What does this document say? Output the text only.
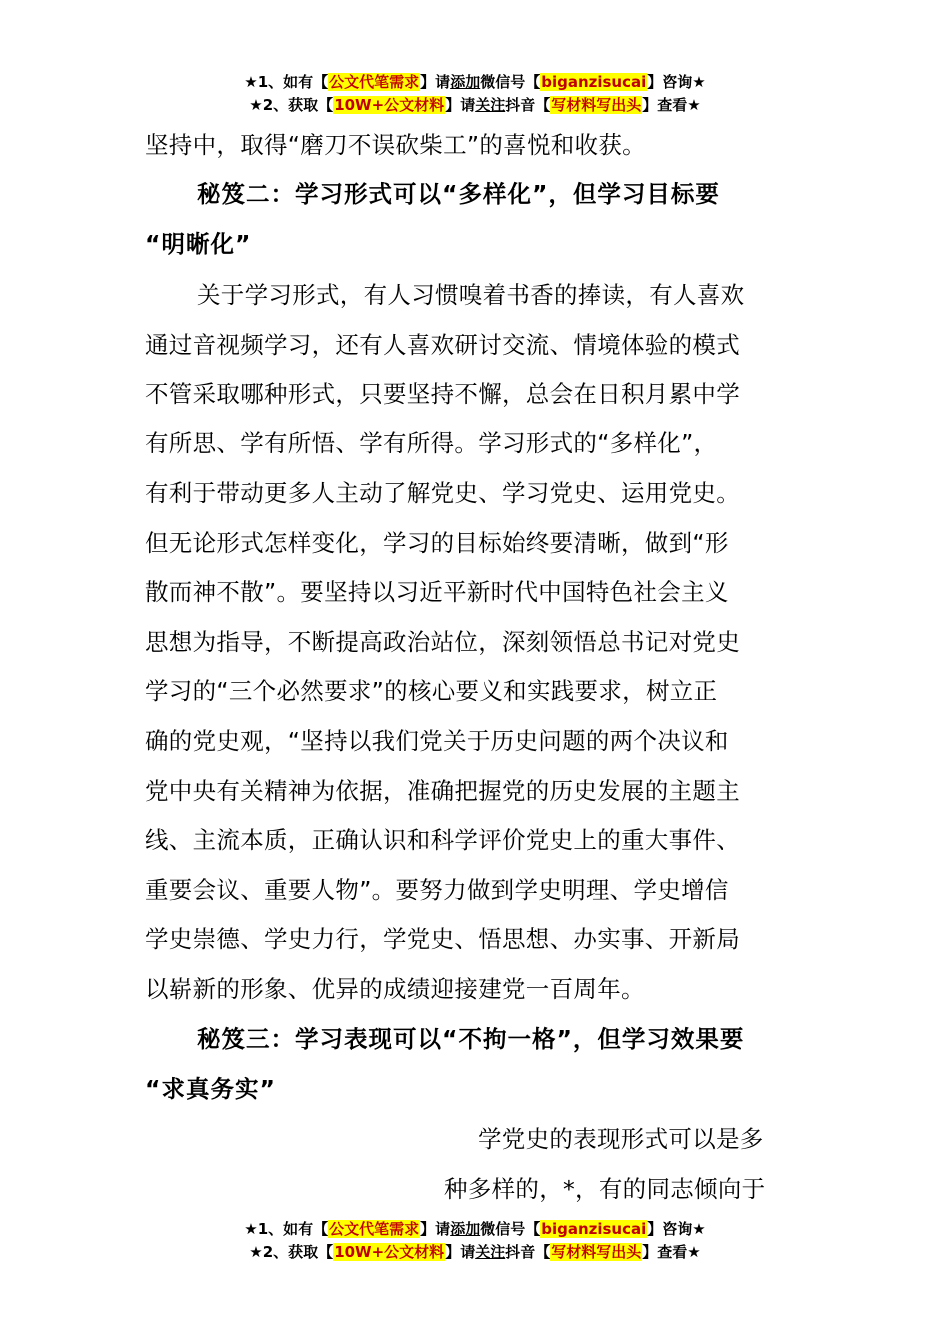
★1、如有【公文代笔需求】请添加微信号【biganzisucai】咨询★
★2、获取【10W+公文材料】请关注抖音【写材料写出头】查看★
坚持中，取得“磨刀不误砍柴工”的喜悦和收获。
秘笈二：学习形式可以“多样化”，但学习目标要
“明晰化”
关于学习形式，有人习惯嗅着书香的捧读，有人喜欢
通过音视频学习，还有人喜欢研讨交流、情境体验的模式
不管采取哪种形式，只要坚持不懈，总会在日积月累中学
有所思、学有所悟、学有所得。学习形式的“多样化”，
有利于带动更多人主动了解党史、学习党史、运用党史。
但无论形式怎样变化，学习的目标始终要清晰，做到“形
散而神不散”。要坚持以习近平新时代中国特色社会主义
思想为指导，不断提高政治站位，深刻领悟总书记对党史
学习的“三个必然要求”的核心要义和实践要求，树立正
确的党史观，“坚持以我们党关于历史问题的两个决议和
党中央有关精神为依据，准确把握党的历史发展的主题主
线、主流本质，正确认识和科学评价党史上的重大事件、
重要会议、重要人物”。要努力做到学史明理、学史增信
学史崇德、学史力行，学党史、悟思想、办实事、开新局
以崭新的形象、优异的成绩迎接建党一百周年。
秘笈三：学习表现可以“不拘一格”，但学习效果要
“求真务实”
学党史的表现形式可以是多
种多样的，*，有的同志倾向于
★1、如有【公文代笔需求】请添加微信号【biganzisucai】咨询★
★2、获取【10W+公文材料】请关注抖音【写材料写出头】查看★
